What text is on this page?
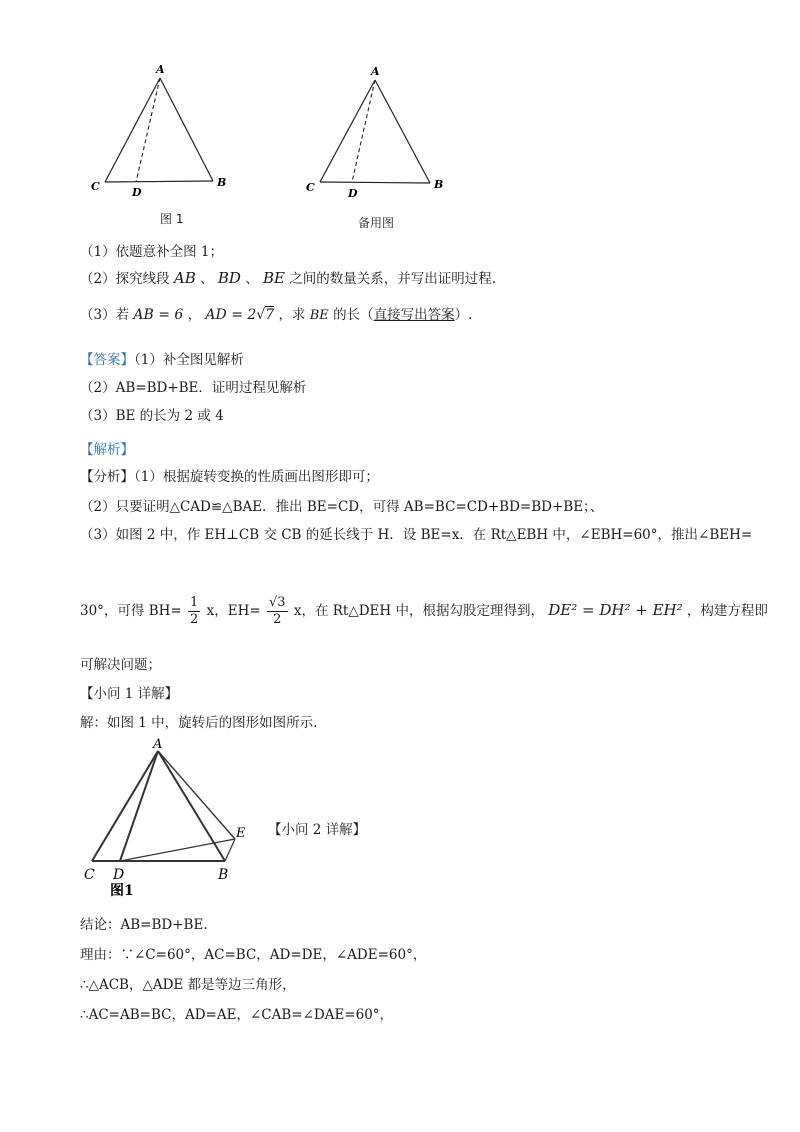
A
C	D
B
图 1
A
C	D
B
备用图
（1）依题意补全图 1；
（2）探究线段 AB 、 BD 、 BE 之间的数量关系，并写出证明过程.
（3）若 AB = 6 ， AD = 2√7 ，求 BE 的长（直接写出答案）.
【答案】（1）补全图见解析
（2）AB=BD+BE．证明过程见解析
（3）BE 的长为 2 或 4
【解析】
【分析】（1）根据旋转变换的性质画出图形即可；
（2）只要证明△CAD≌△BAE．推出 BE=CD，可得 AB=BC=CD+BD=BD+BE；、
（3）如图 2 中，作 EH⊥CB 交 CB 的延长线于 H．设 BE=x．在 Rt△EBH 中，∠EBH=60°，推出∠BEH=
30°，可得 $BH= \frac{1}{2}$ x，$EH= \frac{√3}{2}$ x，在 Rt△DEH 中，根据勾股定理得到， DE² = DH² + EH² ，构建方程即
可解决问题；
【小问 1 详解】
解：如图 1 中，旋转后的图形如图所示.
A
C D	B
E
图1
【小问 2 详解】
结论：AB=BD+BE.
理由：∵∠C=60°，AC=BC，AD=DE，∠ADE=60°，
∴△ACB，△ADE 都是等边三角形，
∴AC=AB=BC，AD=AE，∠CAB=∠DAE=60°，
